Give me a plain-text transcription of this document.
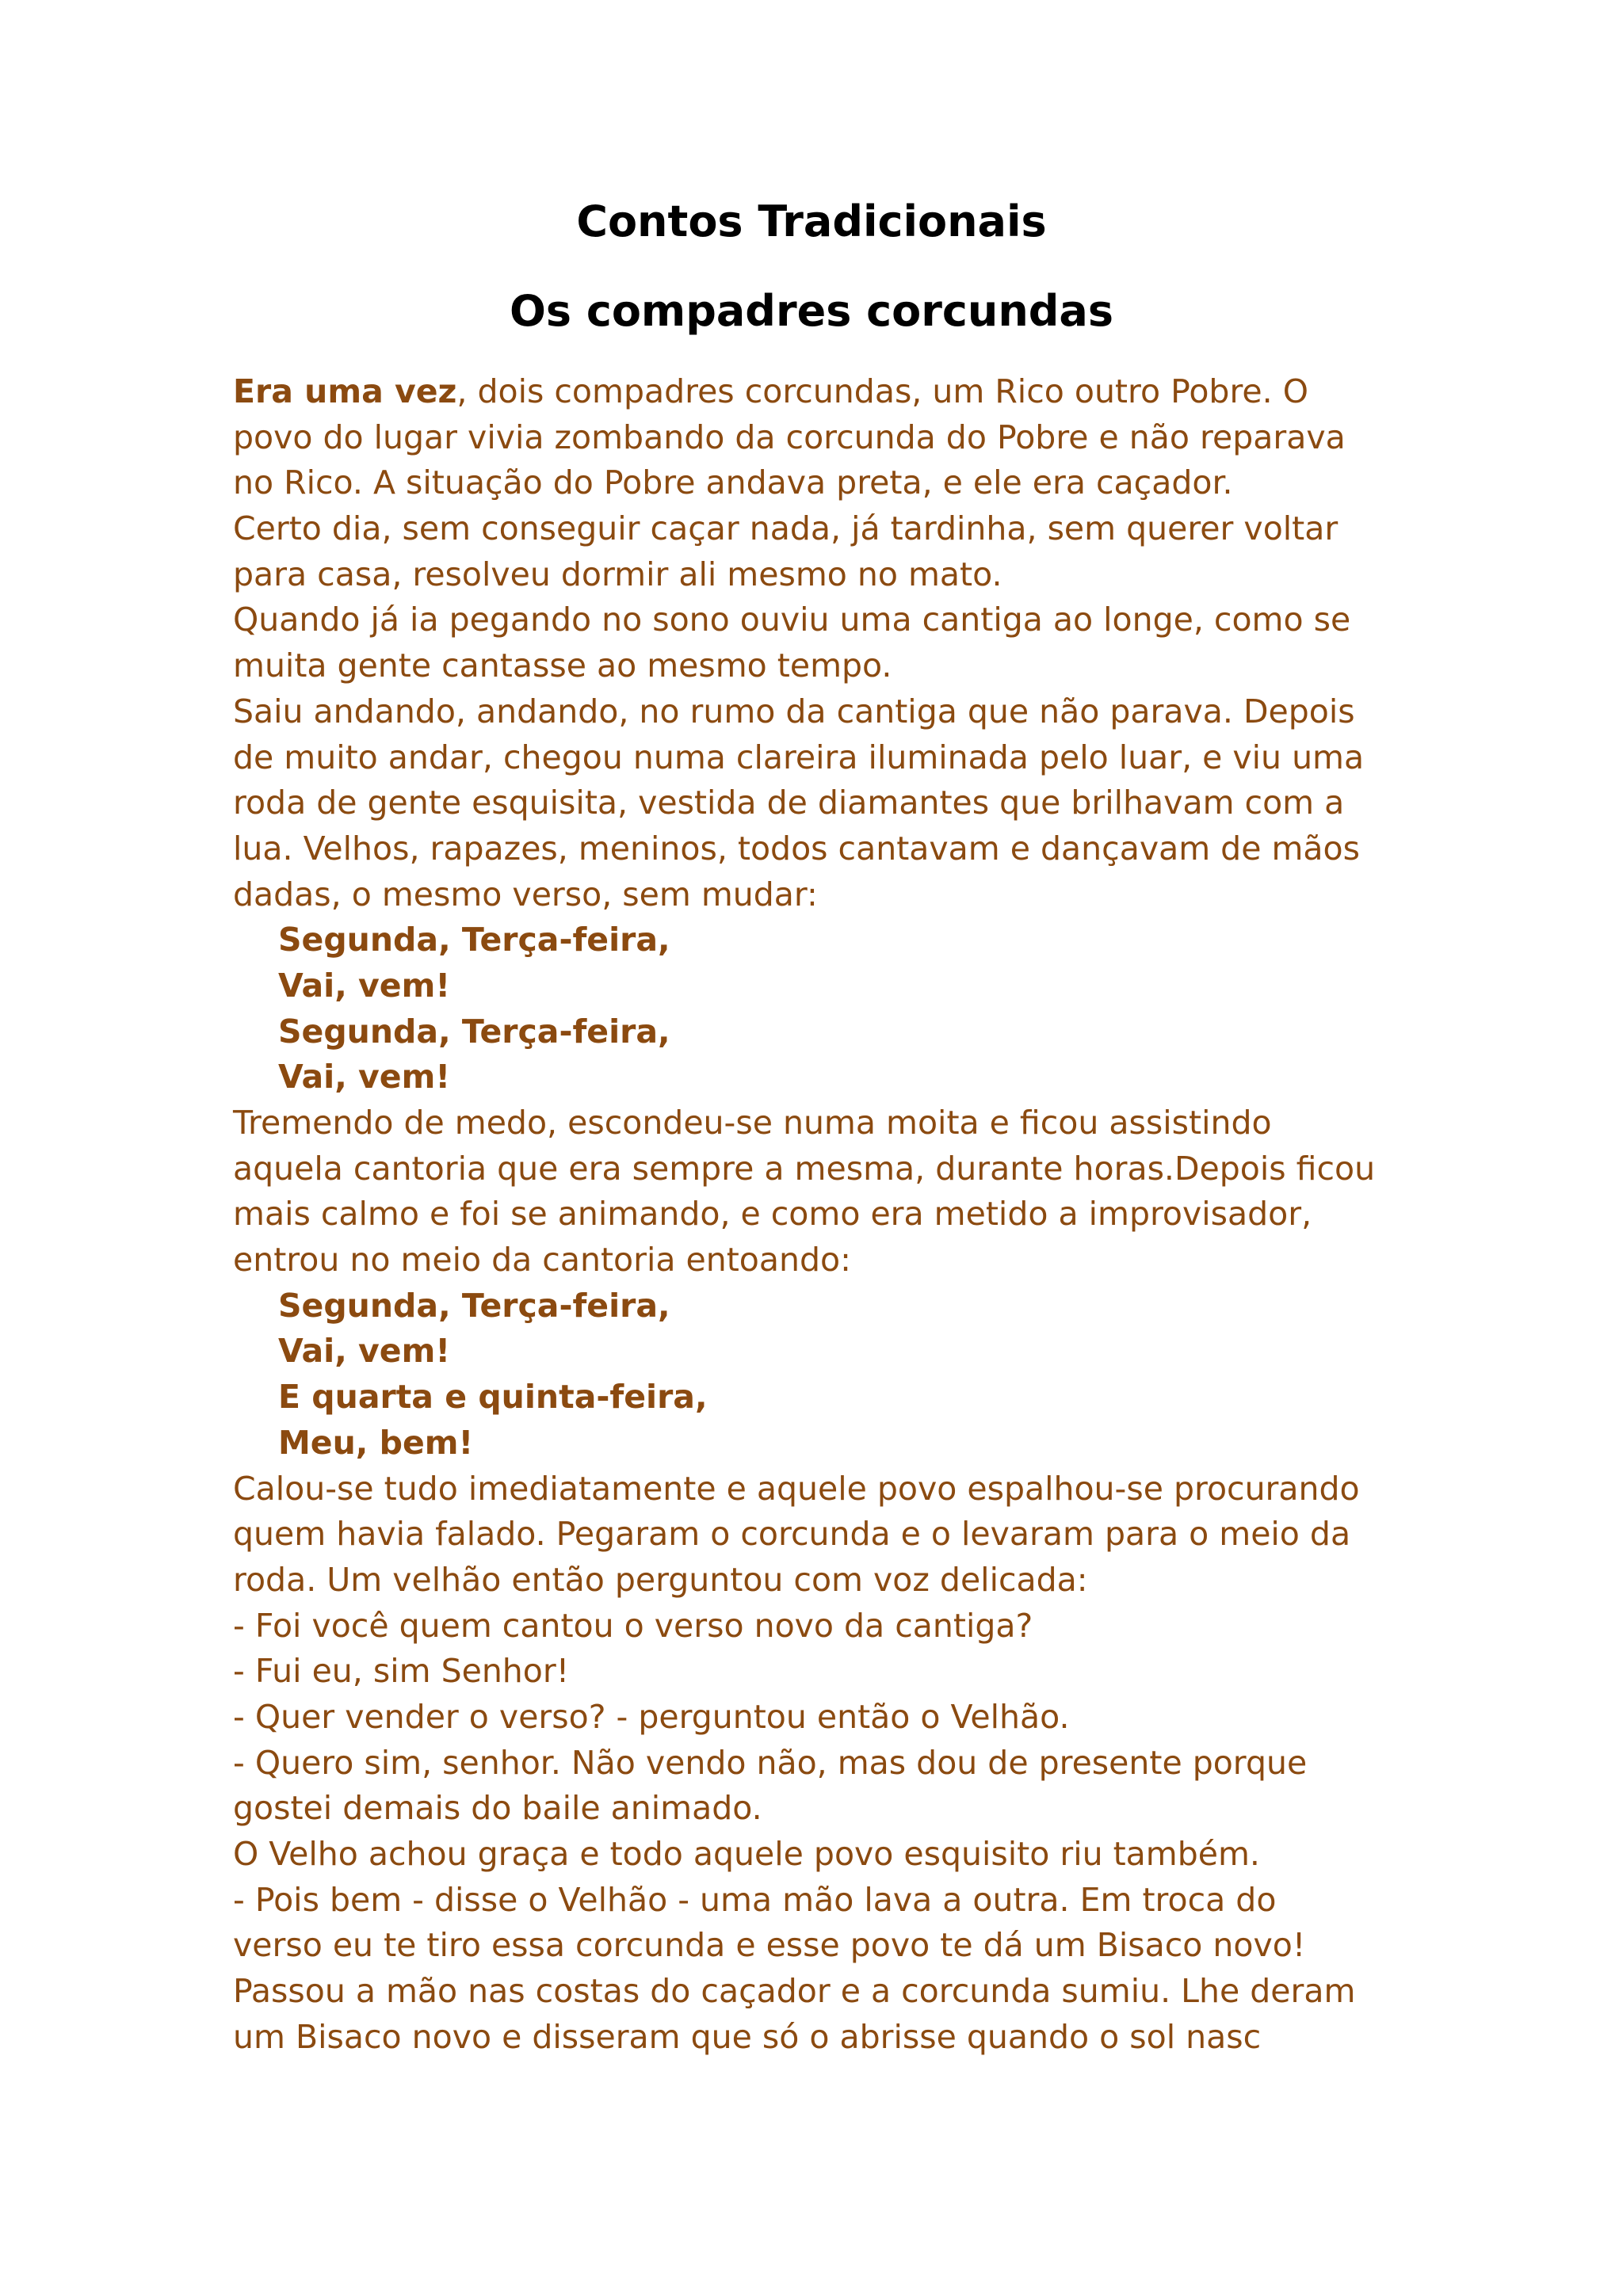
Contos Tradicionais
Os compadres corcundas
Era uma vez, dois compadres corcundas, um Rico outro Pobre. O
povo do lugar vivia zombando da corcunda do Pobre e não reparava
no Rico. A situação do Pobre andava preta, e ele era caçador.
Certo dia, sem conseguir caçar nada, já tardinha, sem querer voltar
para casa, resolveu dormir ali mesmo no mato.
Quando já ia pegando no sono ouviu uma cantiga ao longe, como se
muita gente cantasse ao mesmo tempo.
Saiu andando, andando, no rumo da cantiga que não parava. Depois
de muito andar, chegou numa clareira iluminada pelo luar, e viu uma
roda de gente esquisita, vestida de diamantes que brilhavam com a
lua. Velhos, rapazes, meninos, todos cantavam e dançavam de mãos
dadas, o mesmo verso, sem mudar:
Segunda, Terça-feira,
Vai, vem!
Segunda, Terça-feira,
Vai, vem!
Tremendo de medo, escondeu-se numa moita e ficou assistindo
aquela cantoria que era sempre a mesma, durante horas.Depois ficou
mais calmo e foi se animando, e como era metido a improvisador,
entrou no meio da cantoria entoando:
Segunda, Terça-feira,
Vai, vem!
E quarta e quinta-feira,
Meu, bem!
Calou-se tudo imediatamente e aquele povo espalhou-se procurando
quem havia falado. Pegaram o corcunda e o levaram para o meio da
roda. Um velhão então perguntou com voz delicada:
- Foi você quem cantou o verso novo da cantiga?
- Fui eu, sim Senhor!
- Quer vender o verso? - perguntou então o Velhão.
- Quero sim, senhor. Não vendo não, mas dou de presente porque
gostei demais do baile animado.
O Velho achou graça e todo aquele povo esquisito riu também.
- Pois bem - disse o Velhão - uma mão lava a outra. Em troca do
verso eu te tiro essa corcunda e esse povo te dá um Bisaco novo!
Passou a mão nas costas do caçador e a corcunda sumiu. Lhe deram
um Bisaco novo e disseram que só o abrisse quando o sol nasc
